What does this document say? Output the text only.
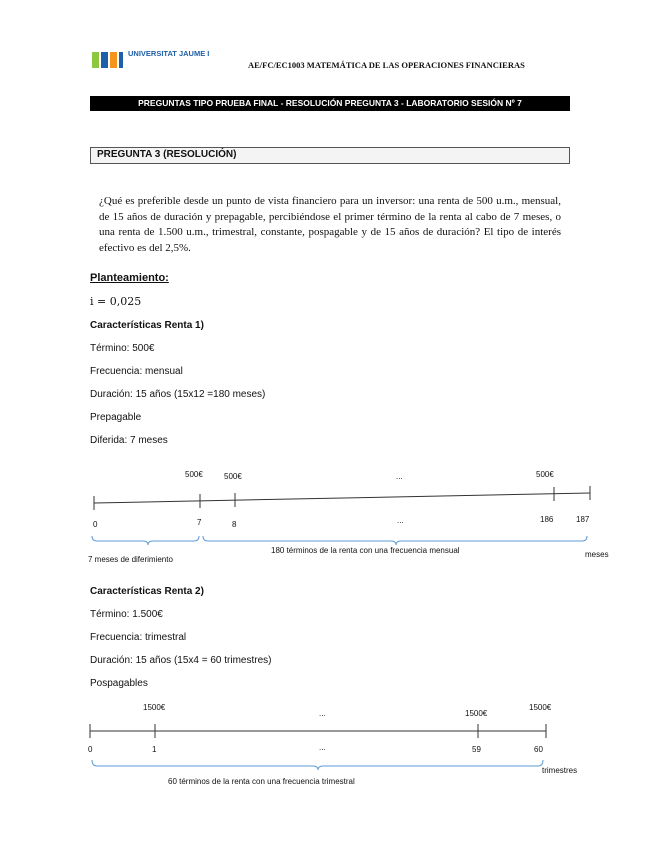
UNIVERSITAT JAUME I
AE/FC/EC1003 MATEMÁTICA DE LAS OPERACIONES FINANCIERAS
PREGUNTAS TIPO PRUEBA FINAL - RESOLUCIÓN PREGUNTA 3 - LABORATORIO SESIÓN Nº 7
PREGUNTA 3 (RESOLUCIÓN)
¿Qué es preferible desde un punto de vista financiero para un inversor: una renta de 500 u.m., mensual, de 15 años de duración y prepagable, percibiéndose el primer término de la renta al cabo de 7 meses, o una renta de 1.500 u.m., trimestral, constante, pospagable y de 15 años de duración? El tipo de interés efectivo es del 2,5%.
Planteamiento:
i = 0,025
Características Renta 1)
Término: 500€
Frecuencia: mensual
Duración: 15 años (15x12 =180 meses)
Prepagable
Diferida: 7 meses
500€	500€	...	500€
0	7	8	...	186	187
7 meses de diferimiento
180 términos de la renta con una frecuencia mensual	meses
Características Renta 2)
Término: 1.500€
Frecuencia: trimestral
Duración: 15 años (15x4 = 60 trimestres)
Pospagables
1500€
...	1500€
1500€
0	1	...	59	60
60 términos de la renta con una frecuencia trimestral
trimestres
